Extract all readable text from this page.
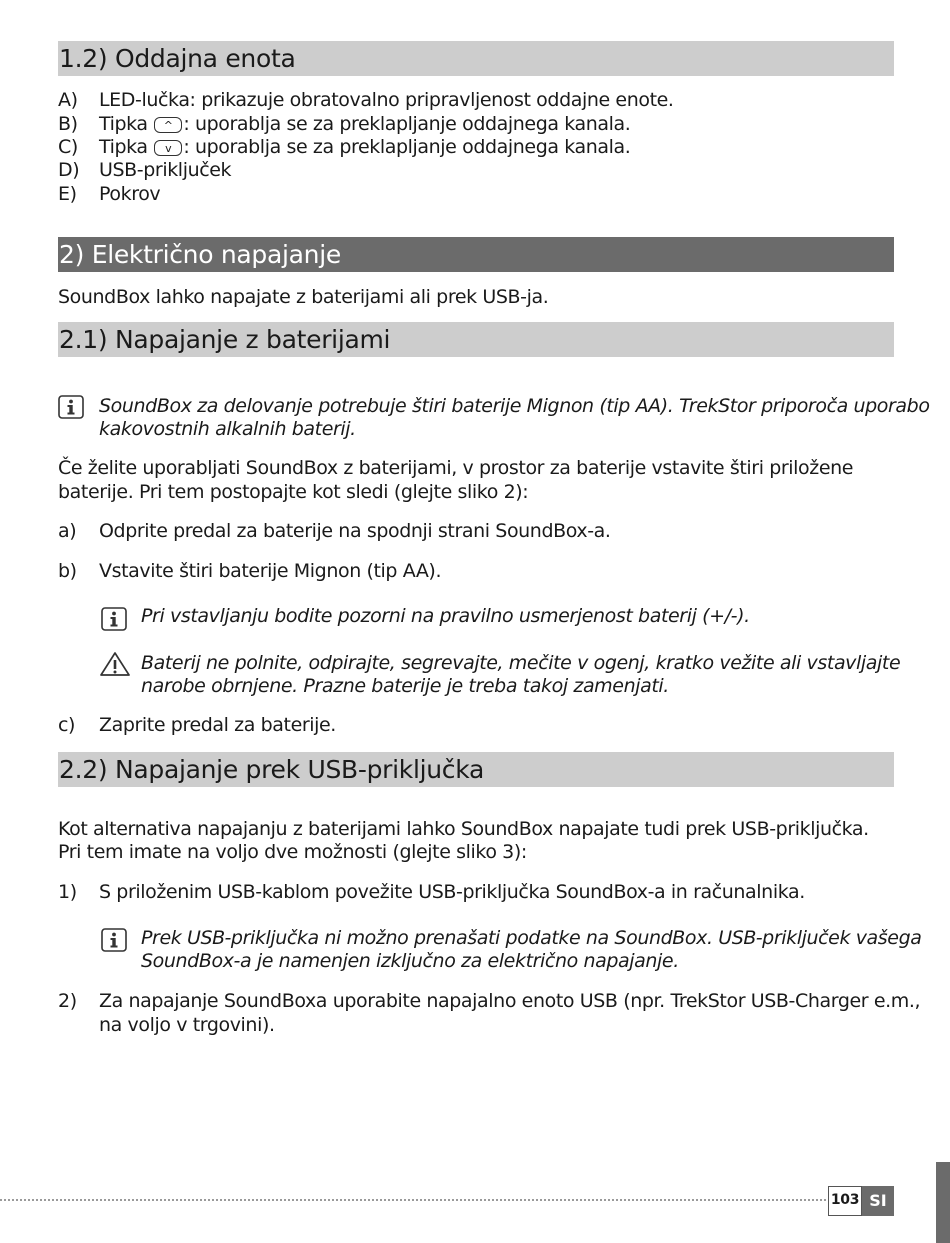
1.2) Oddajna enota
A) LED-lučka: prikazuje obratovalno pripravljenost oddajne enote.
B) Tipka ^ : uporablja se za preklapljanje oddajnega kanala.
C) Tipka v : uporablja se za preklapljanje oddajnega kanala.
D) USB-priključek
E) Pokrov
2) Električno napajanje
SoundBox lahko napajate z baterijami ali prek USB-ja.
2.1) Napajanje z baterijami
SoundBox za delovanje potrebuje štiri baterije Mignon (tip AA). TrekStor priporoča uporabo
kakovostnih alkalnih baterij.
Če želite uporabljati SoundBox z baterijami, v prostor za baterije vstavite štiri priložene
baterije. Pri tem postopajte kot sledi (glejte sliko 2):
a) Odprite predal za baterije na spodnji strani SoundBox-a.
b) Vstavite štiri baterije Mignon (tip AA).
Pri vstavljanju bodite pozorni na pravilno usmerjenost baterij (+/-).
Baterij ne polnite, odpirajte, segrevajte, mečite v ogenj, kratko vežite ali vstavljajte
narobe obrnjene. Prazne baterije je treba takoj zamenjati.
c) Zaprite predal za baterije.
2.2) Napajanje prek USB-priključka
Kot alternativa napajanju z baterijami lahko SoundBox napajate tudi prek USB-priključka.
Pri tem imate na voljo dve možnosti (glejte sliko 3):
1) S priloženim USB-kablom povežite USB-priključka SoundBox-a in računalnika.
Prek USB-priključka ni možno prenašati podatke na SoundBox. USB-priključek vašega
SoundBox-a je namenjen izključno za električno napajanje.
2) Za napajanje SoundBoxa uporabite napajalno enoto USB (npr. TrekStor USB-Charger e.m.,
na voljo v trgovini).
103 SI
